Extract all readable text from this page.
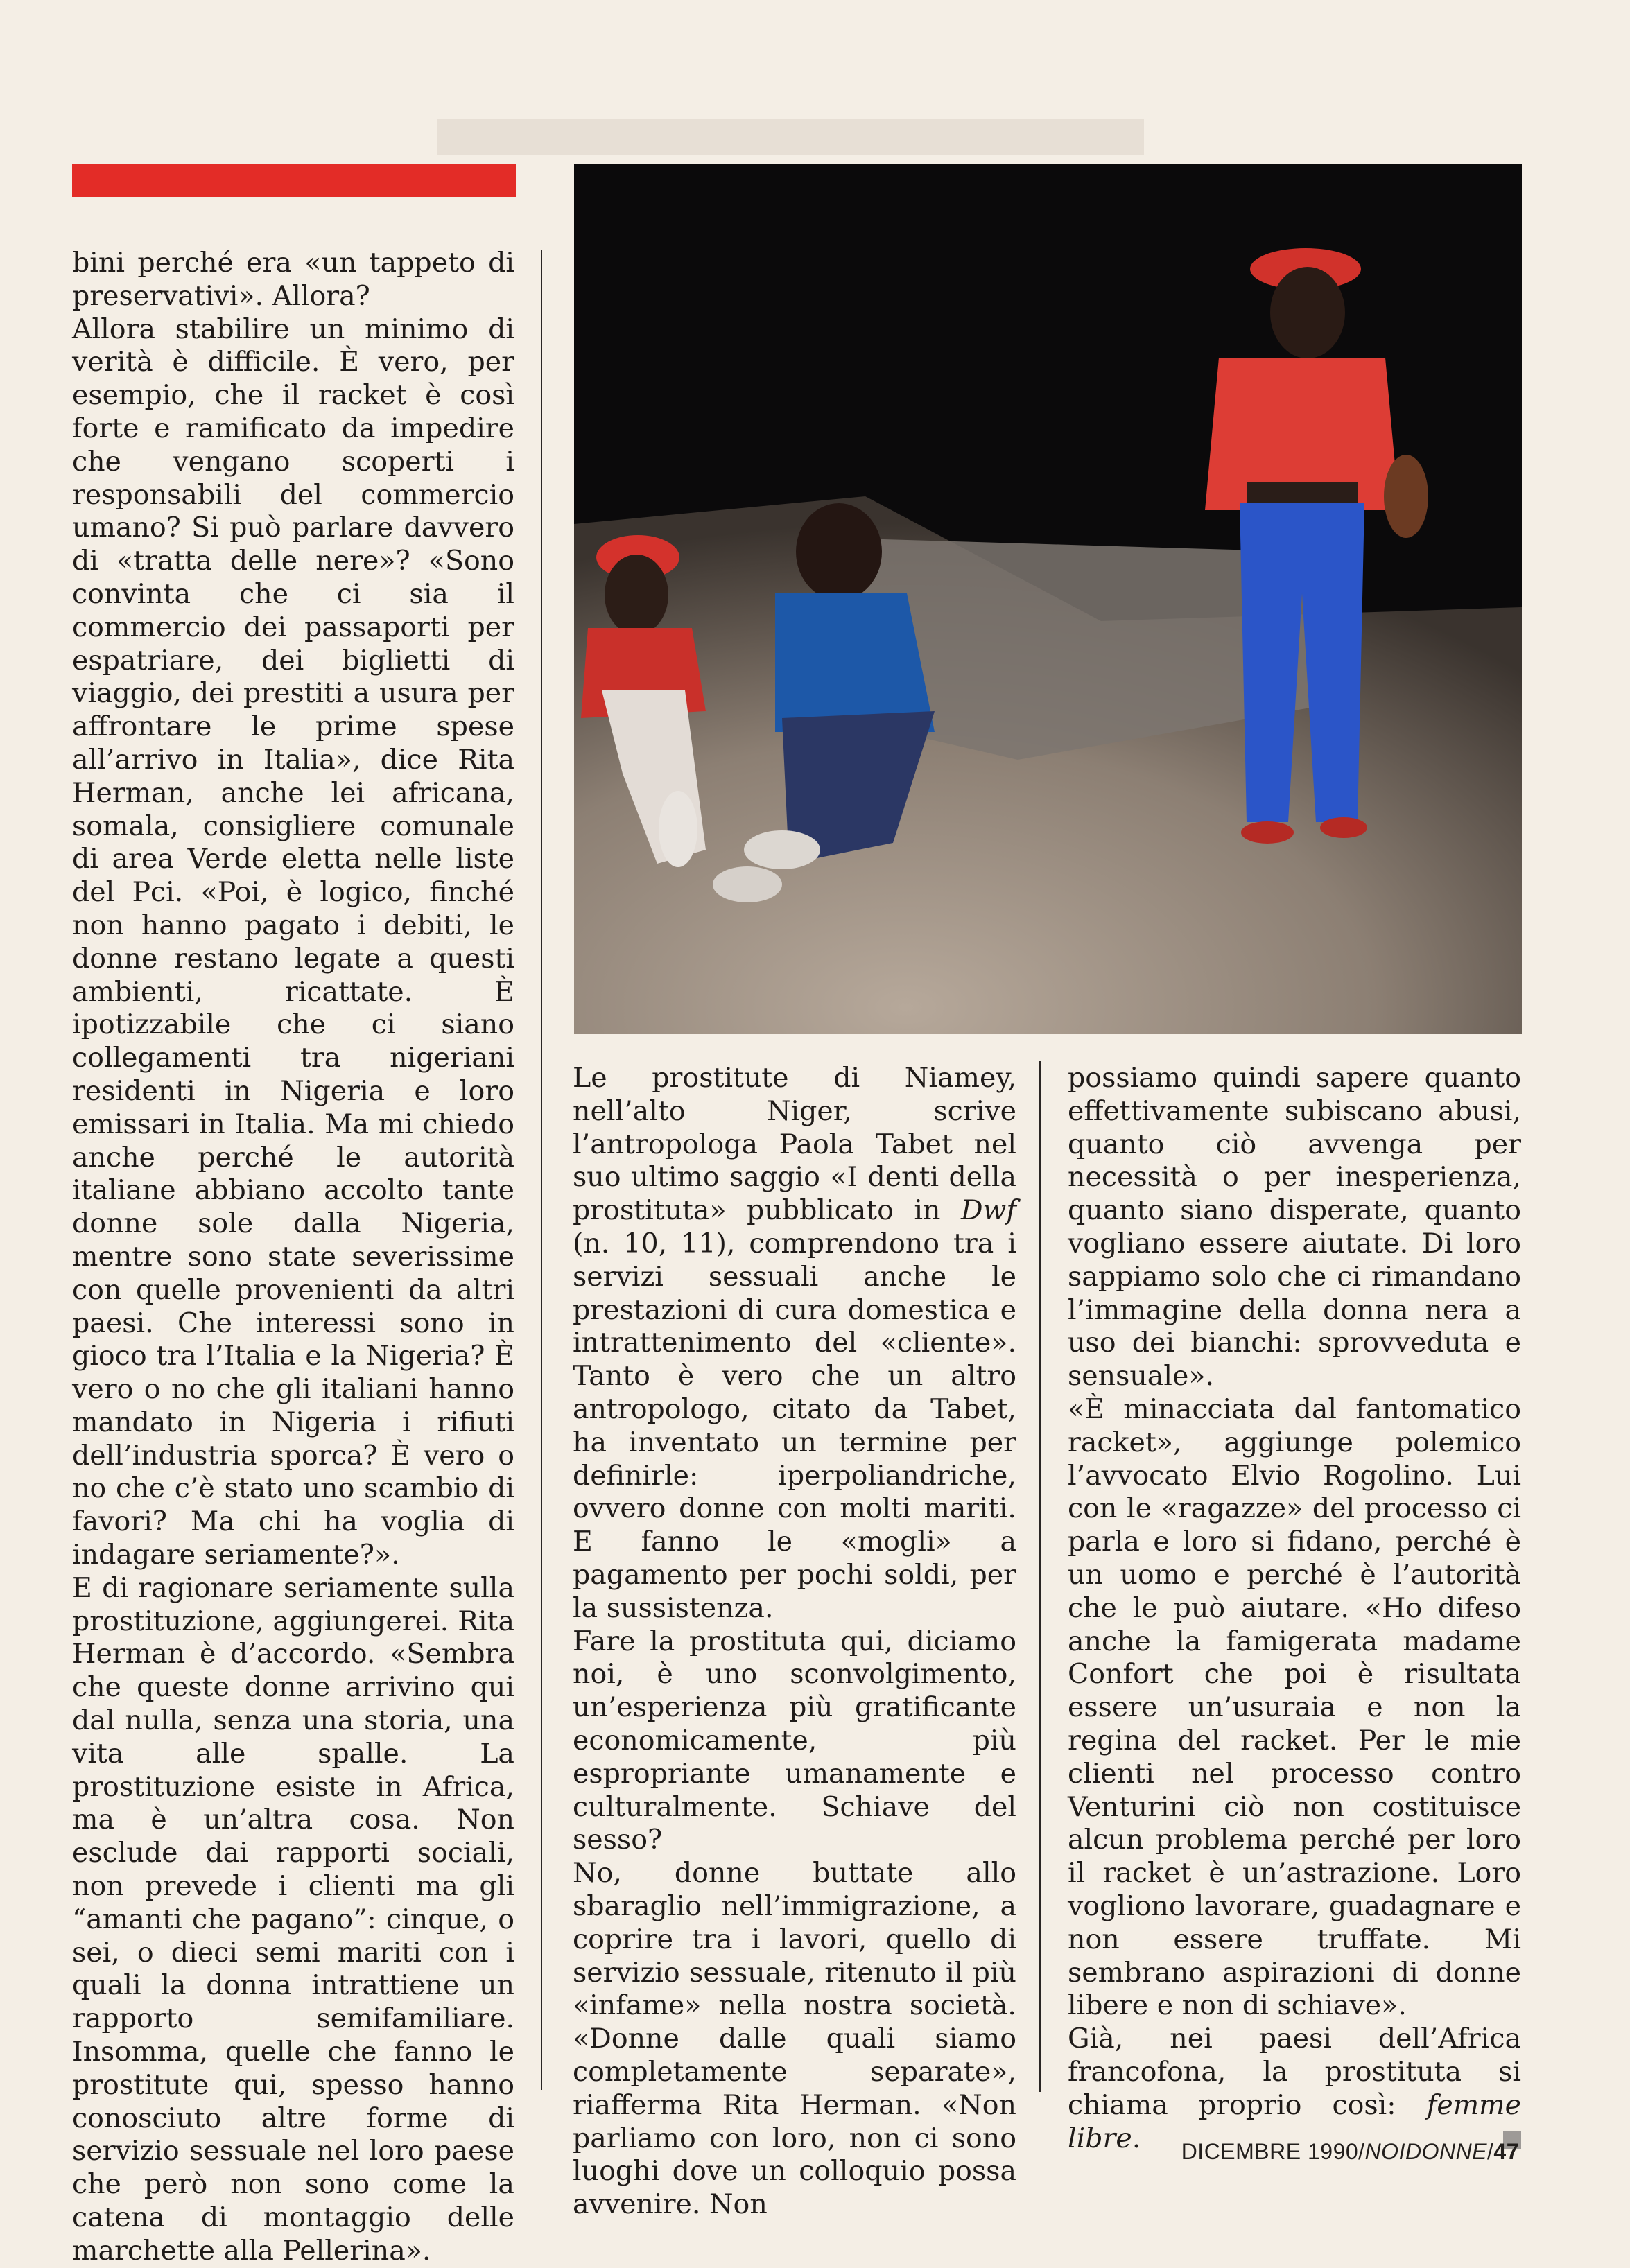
bini perché era «un tappeto di preservativi». Allora?

Allora stabilire un minimo di verità è difficile. È vero, per esempio, che il racket è così forte e ramificato da impedire che vengano scoperti i responsabili del commercio umano? Si può parlare davvero di «tratta delle nere»? «Sono convinta che ci sia il commercio dei passaporti per espatriare, dei biglietti di viaggio, dei prestiti a usura per affrontare le prime spese all’arrivo in Italia», dice Rita Herman, anche lei africana, somala, consigliere comunale di area Verde eletta nelle liste del Pci. «Poi, è logico, finché non hanno pagato i debiti, le donne restano legate a questi ambienti, ricattate. È ipotizzabile che ci siano collegamenti tra nigeriani residenti in Nigeria e loro emissari in Italia. Ma mi chiedo anche perché le autorità italiane abbiano accolto tante donne sole dalla Nigeria, mentre sono state severissime con quelle provenienti da altri paesi. Che interessi sono in gioco tra l’Italia e la Nigeria? È vero o no che gli italiani hanno mandato in Nigeria i rifiuti dell’industria sporca? È vero o no che c’è stato uno scambio di favori? Ma chi ha voglia di indagare seriamente?».

E di ragionare seriamente sulla prostituzione, aggiungerei. Rita Herman è d’accordo. «Sembra che queste donne arrivino qui dal nulla, senza una storia, una vita alle spalle. La prostituzione esiste in Africa, ma è un’altra cosa. Non esclude dai rapporti sociali, non prevede i clienti ma gli “amanti che pagano”: cinque, o sei, o dieci semi mariti con i quali la donna intrattiene un rapporto semifamiliare. Insomma, quelle che fanno le prostitute qui, spesso hanno conosciuto altre forme di servizio sessuale nel loro paese che però non sono come la catena di montaggio delle marchette alla Pellerina».

Le prostitute di Niamey, nell’alto Niger, scrive l’antropologa Paola Tabet nel suo ultimo saggio «I denti della prostituta» pubblicato in Dwf (n. 10, 11), comprendono tra i servizi sessuali anche le prestazioni di cura domestica e intrattenimento del «cliente». Tanto è vero che un altro antropologo, citato da Tabet, ha inventato un termine per definirle: iperpoliandriche, ovvero donne con molti mariti. E fanno le «mogli» a pagamento per pochi soldi, per la sussistenza.

Fare la prostituta qui, diciamo noi, è uno sconvolgimento, un’esperienza più gratificante economicamente, più espropriante umanamente e culturalmente. Schiave del sesso?

No, donne buttate allo sbaraglio nell’immigrazione, a coprire tra i lavori, quello di servizio sessuale, ritenuto il più «infame» nella nostra società. «Donne dalle quali siamo completamente separate», riafferma Rita Herman. «Non parliamo con loro, non ci sono luoghi dove un colloquio possa avvenire. Non

possiamo quindi sapere quanto effettivamente subiscano abusi, quanto ciò avvenga per necessità o per inesperienza, quanto siano disperate, quanto vogliano essere aiutate. Di loro sappiamo solo che ci rimandano l’immagine della donna nera a uso dei bianchi: sprovveduta e sensuale».

«È minacciata dal fantomatico racket», aggiunge polemico l’avvocato Elvio Rogolino. Lui con le «ragazze» del processo ci parla e loro si fidano, perché è un uomo e perché è l’autorità che le può aiutare. «Ho difeso anche la famigerata madame Confort che poi è risultata essere un’usuraia e non la regina del racket. Per le mie clienti nel processo contro Venturini ciò non costituisce alcun problema perché per loro il racket è un’astrazione. Loro vogliono lavorare, guadagnare e non essere truffate. Mi sembrano aspirazioni di donne libere e non di schiave».

Già, nei paesi dell’Africa francofona, la prostituta si chiama proprio così: femme libre.	DICEMBRE 1990/NOIDONNE/47
